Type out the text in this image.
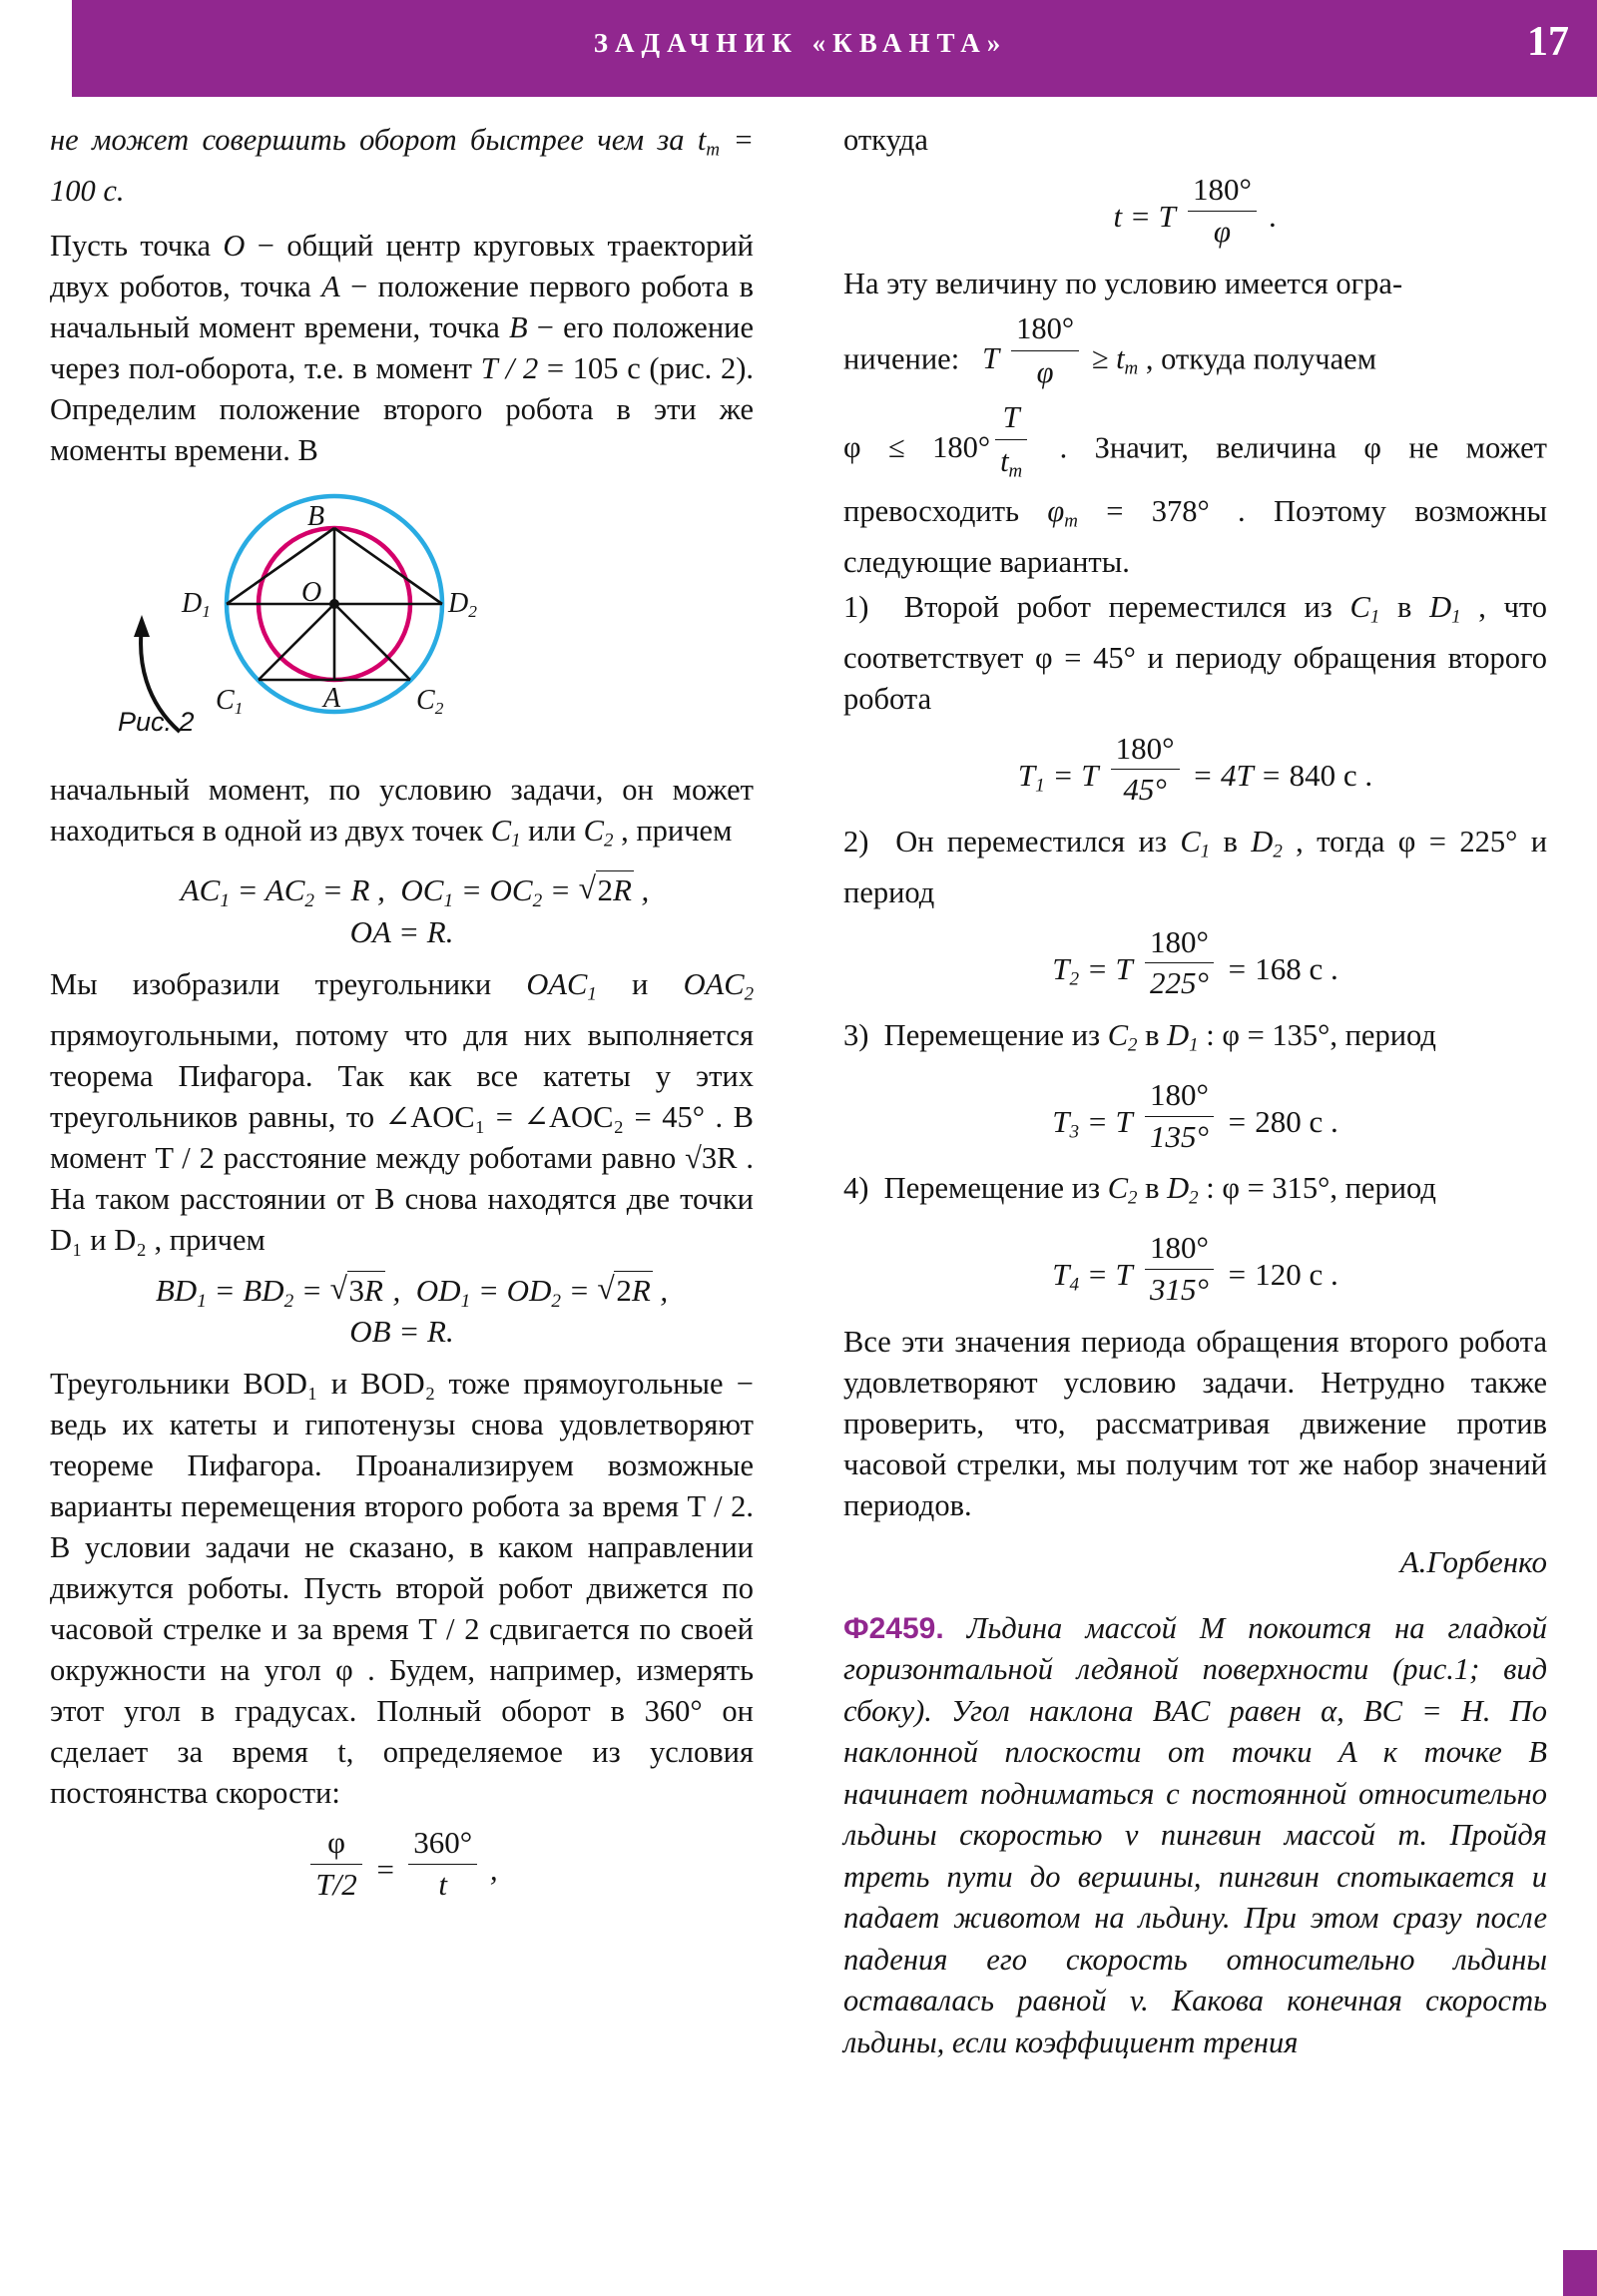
ЗАДАЧНИК «КВАНТА»	17

не может совершить оборот быстрее чем за $t_m = 100$ с.

Пусть точка O − общий центр круговых траекторий двух роботов, точка A − положение первого робота в начальный момент времени, точка B − его положение через пол-оборота, т.е. в момент T / 2 = 105 с (рис. 2). Определим положение второго робота в эти же моменты времени. В

B
O
A
$D_1$	$D_2$
$C_1$	$C_2$
Рис. 2

начальный момент, по условию задачи, он может находиться в одной из двух точек $C_1$ или $C_2$ , причем

$AC_1 = AC_2 = R$ ,  $OC_1 = OC_2$ = √ 2R ,
OA = R.

Мы изобразили треугольники $OAC_1$ и $OAC_2$ прямоугольными, потому что для них выполняется теорема Пифагора. Так как все катеты у этих треугольников равны, то ∠AOC₁ = ∠AOC₂ = 45° . В момент T / 2 расстояние между роботами равно √3R . На таком расстоянии от B снова находятся две точки D₁ и D₂ , причем

$BD_1 = BD_2$ = √ 3R ,  $OD_1 = OD_2$ = √ 2R ,
OB = R.

Треугольники BOD₁ и BOD₂ тоже прямоугольные − ведь их катеты и гипотенузы снова удовлетворяют теореме Пифагора. Проанализируем возможные варианты перемещения второго робота за время T / 2. В условии задачи не сказано, в каком направлении движутся роботы. Пусть второй робот движется по часовой стрелке и за время T / 2 сдвигается по своей окружности на угол φ . Будем, например, измерять этот угол в градусах. Полный оборот в 360° он сделает за время t, определяемое из условия постоянства скорости:

$\frac{\varphi}{T/2} = \frac{360^\circ}{t}$ ,

откуда

t = T $\frac{180^\circ}{\varphi}$ .

На эту величину по условию имеется огра-

ничение: T $\frac{180^\circ}{\varphi} \ge t_m$ , откуда получаем

$\varphi \le 180^\circ \frac{T}{t_m}$ . Значит, величина φ не может превосходить $\varphi_m = 378^\circ$ . Поэтому возможны следующие варианты.

1) Второй робот переместился из $C_1$ в $D_1$ , что соответствует φ = 45° и периоду обращения второго робота

$T_1 = T \frac{180^\circ}{45^\circ} = 4T = 840$ с .

2) Он переместился из $C_1$ в $D_2$ , тогда φ = 225° и период

$T_2 = T \frac{180^\circ}{225^\circ} = 168$ с .

3) Перемещение из $C_2$ в $D_1$ : φ = 135°, период

$T_3 = T \frac{180^\circ}{135^\circ} = 280$ с .

4) Перемещение из $C_2$ в $D_2$ : φ = 315°, период

$T_4 = T \frac{180^\circ}{315^\circ} = 120$ с .

Все эти значения периода обращения второго робота удовлетворяют условию задачи. Нетрудно также проверить, что, рассматривая движение против часовой стрелки, мы получим тот же набор значений периодов.

А.Горбенко

Ф2459. Льдина массой M покоится на гладкой горизонтальной ледяной поверхности (рис.1; вид сбоку). Угол наклона BAC равен α, BC = H. По наклонной плоскости от точки A к точке B начинает подниматься с постоянной относительно льдины скоростью v пингвин массой m. Пройдя треть пути до вершины, пингвин спотыкается и падает животом на льдину. При этом сразу после падения его скорость относительно льдины оставалась равной v. Какова конечная скорость льдины, если коэффициент трения
